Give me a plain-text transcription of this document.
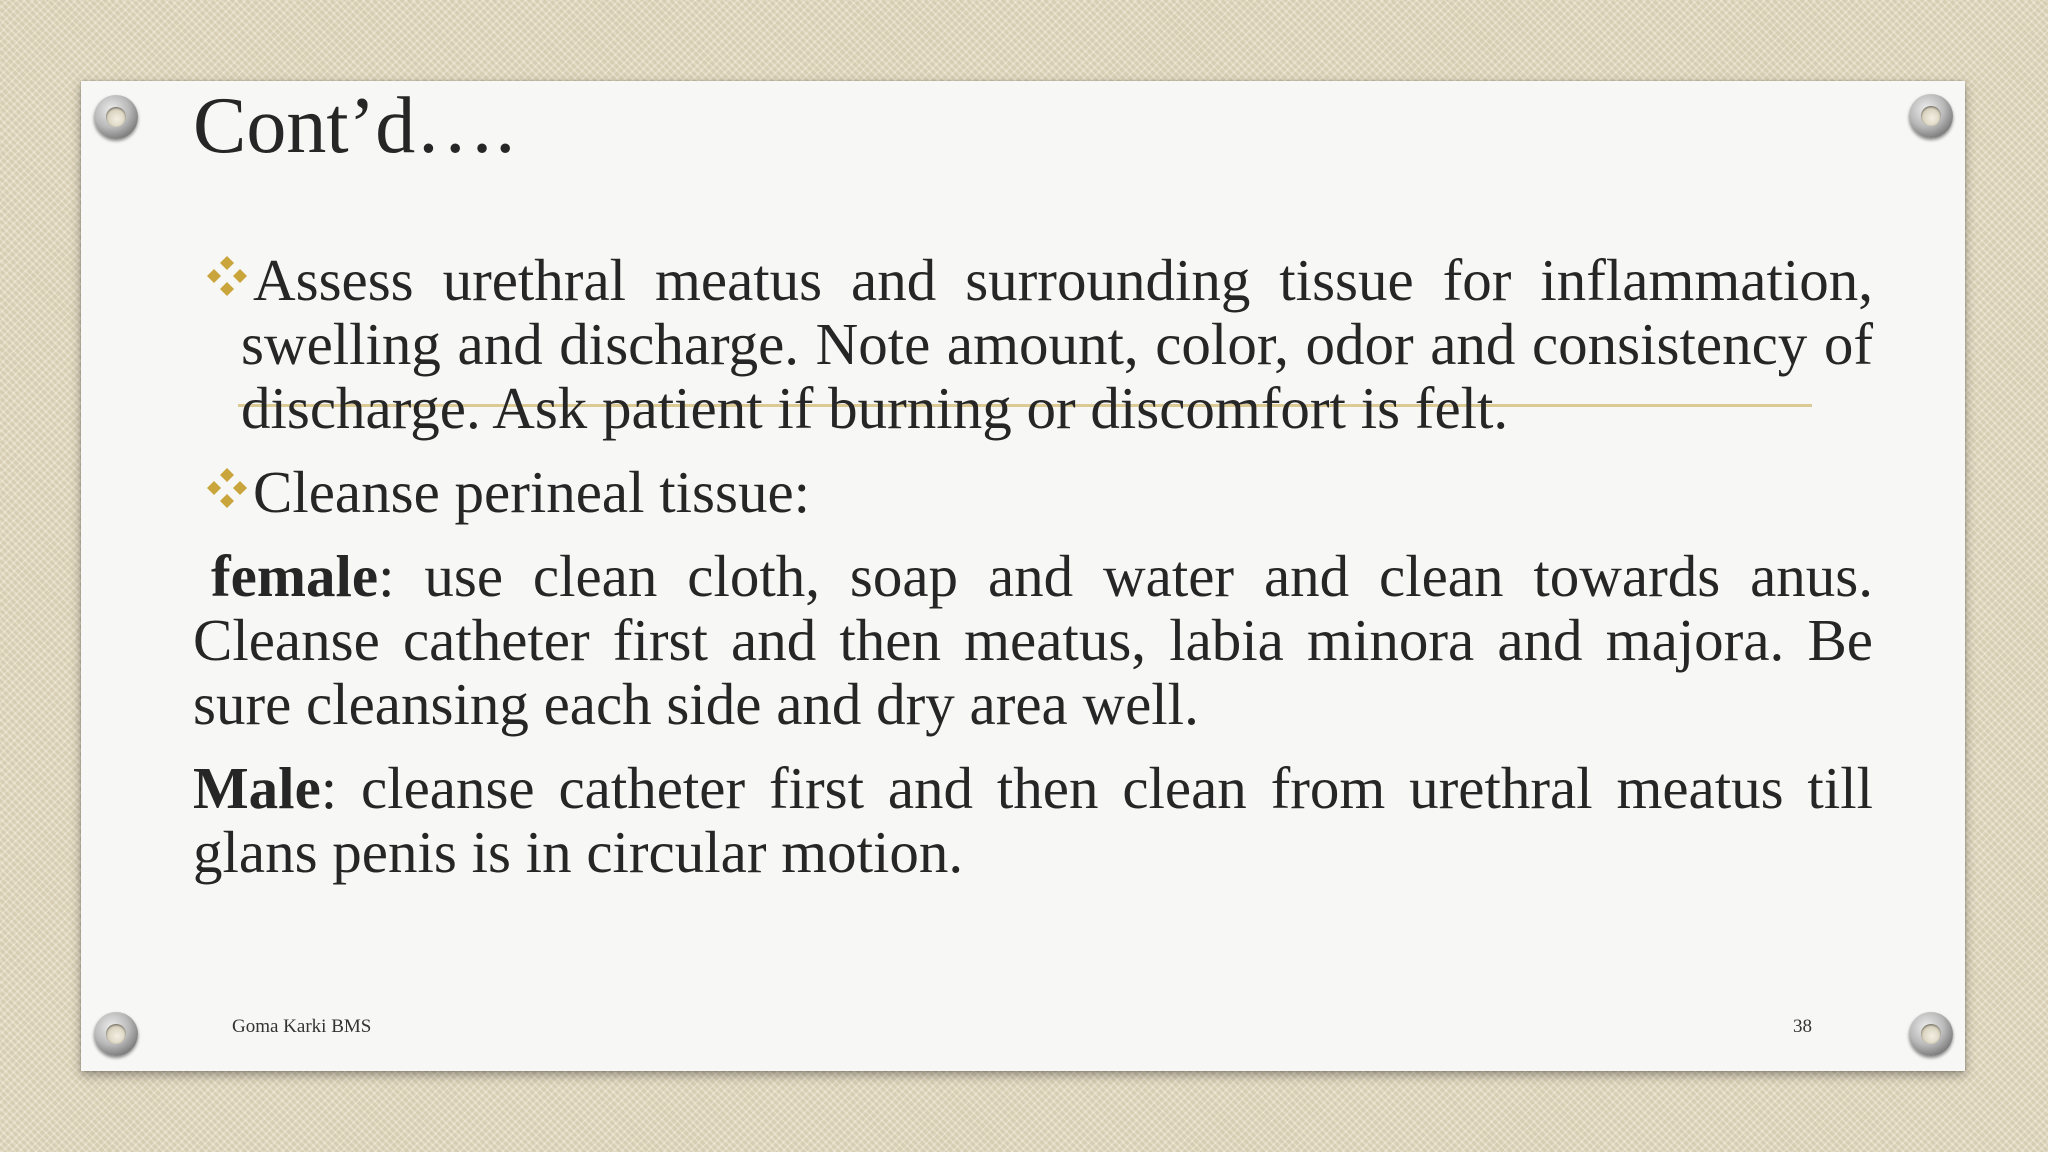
Cont’d….
Assess urethral meatus and surrounding tissue for inflammation, swelling and discharge. Note amount, color, odor and consistency of discharge. Ask patient if burning or discomfort is felt.
Cleanse perineal tissue:
female: use clean cloth, soap and water and clean towards anus. Cleanse catheter first and then meatus, labia minora and majora. Be sure cleansing each side and dry area well.
Male: cleanse catheter first and then clean from urethral meatus till glans penis is in circular motion.
Goma Karki BMS	38
